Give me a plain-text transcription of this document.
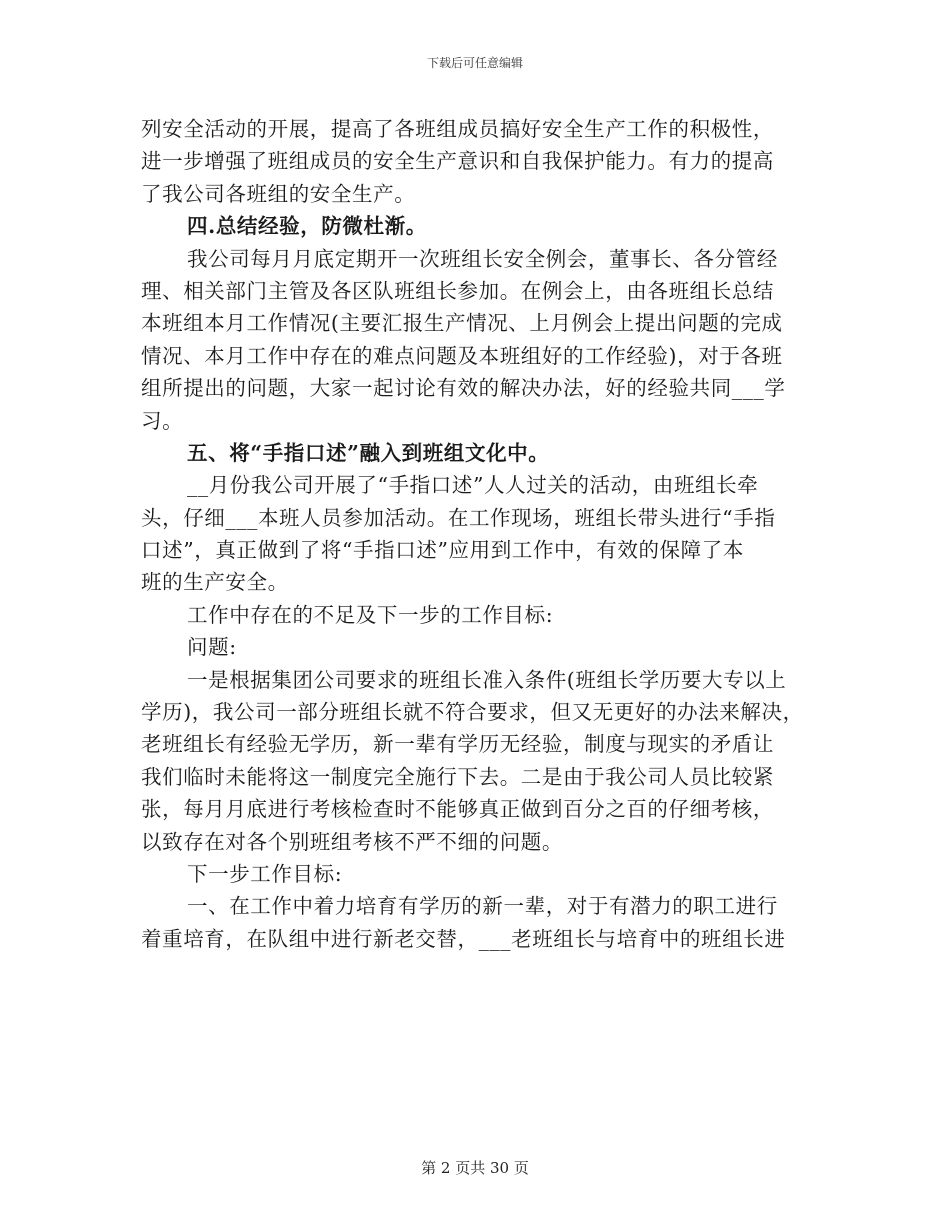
下载后可任意编辑
列安全活动的开展，提高了各班组成员搞好安全生产工作的积极性，
进一步增强了班组成员的安全生产意识和自我保护能力。有力的提高
了我公司各班组的安全生产。
四.总结经验，防微杜渐。
我公司每月月底定期开一次班组长安全例会，董事长、各分管经
理、相关部门主管及各区队班组长参加。在例会上，由各班组长总结
本班组本月工作情况(主要汇报生产情况、上月例会上提出问题的完成
情况、本月工作中存在的难点问题及本班组好的工作经验)，对于各班
组所提出的问题，大家一起讨论有效的解决办法，好的经验共同___学
习。
五、将“手指口述”融入到班组文化中。
__月份我公司开展了“手指口述”人人过关的活动，由班组长牵
头，仔细___本班人员参加活动。在工作现场，班组长带头进行“手指
口述”，真正做到了将“手指口述”应用到工作中，有效的保障了本
班的生产安全。
工作中存在的不足及下一步的工作目标:
问题:
一是根据集团公司要求的班组长准入条件(班组长学历要大专以上
学历)，我公司一部分班组长就不符合要求，但又无更好的办法来解决，
老班组长有经验无学历，新一辈有学历无经验，制度与现实的矛盾让
我们临时未能将这一制度完全施行下去。二是由于我公司人员比较紧
张，每月月底进行考核检查时不能够真正做到百分之百的仔细考核，
以致存在对各个别班组考核不严不细的问题。
下一步工作目标:
一、在工作中着力培育有学历的新一辈，对于有潜力的职工进行
着重培育，在队组中进行新老交替，___老班组长与培育中的班组长进
第 2 页共 30 页
